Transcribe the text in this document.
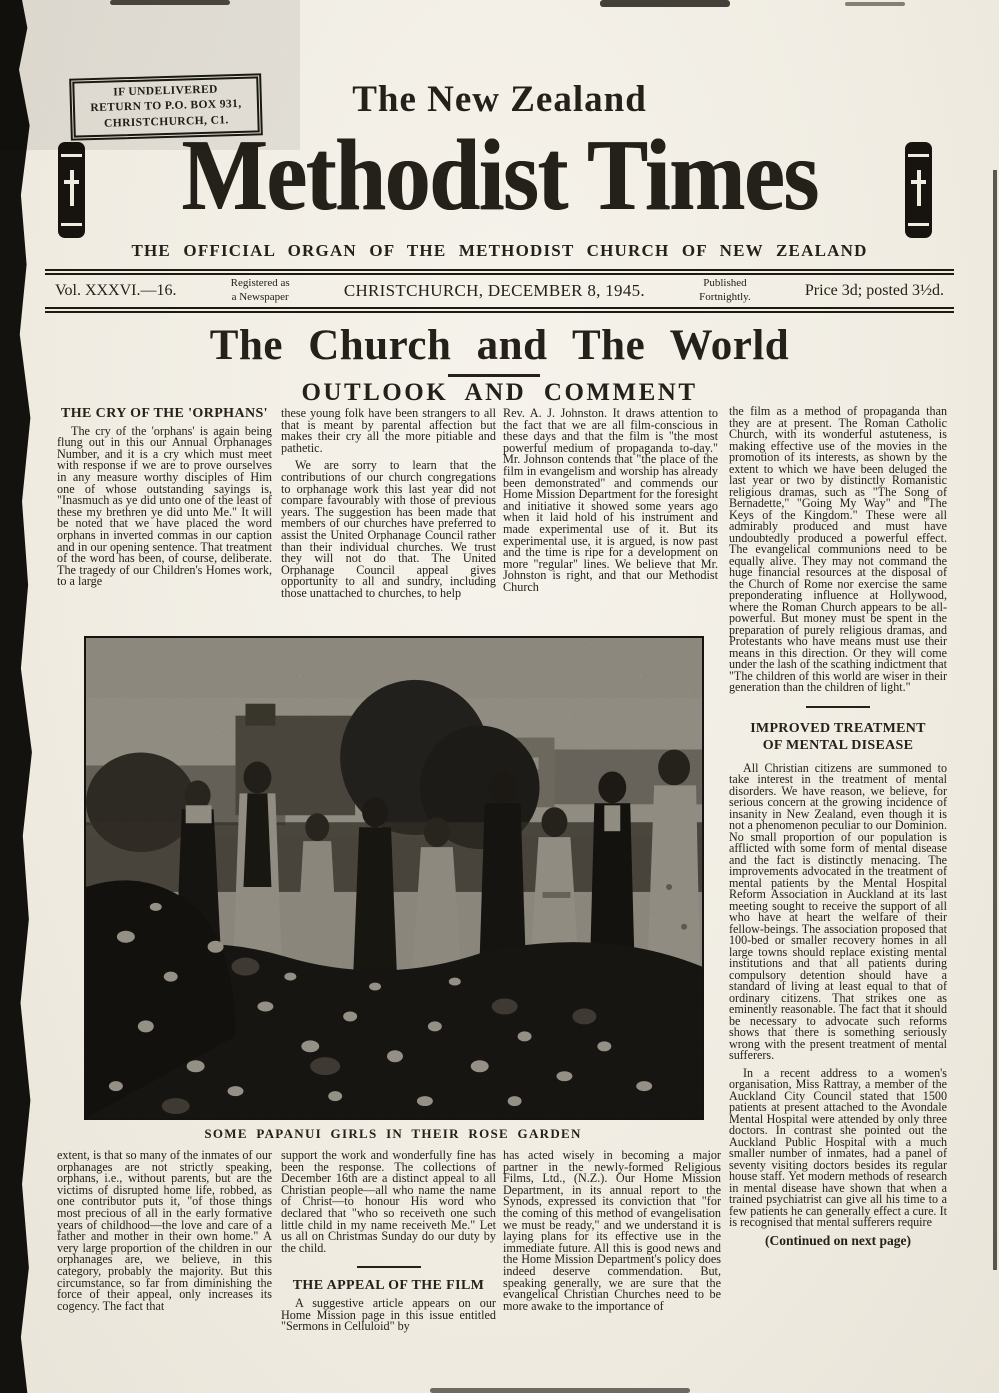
IF UNDELIVERED
RETURN TO P.O. BOX 931,
CHRISTCHURCH, C1.
The New Zealand
Methodist Times
THE OFFICIAL ORGAN OF THE METHODIST CHURCH OF NEW ZEALAND
Vol. XXXVI.—16.	Registered as
a Newspaper	CHRISTCHURCH, DECEMBER 8, 1945.	Published
Fortnightly.	Price 3d; posted 3½d.
The Church and The World
OUTLOOK AND COMMENT
THE CRY OF THE 'ORPHANS'

The cry of the 'orphans' is again being flung out in this our Annual Orphanages Number, and it is a cry which must meet with response if we are to prove ourselves in any measure worthy disciples of Him one of whose outstanding sayings is, "Inasmuch as ye did unto one of the least of these my brethren ye did unto Me." It will be noted that we have placed the word orphans in inverted commas in our caption and in our opening sentence. That treatment of the word has been, of course, deliberate. The tragedy of our Children's Homes work, to a large

these young folk have been strangers to all that is meant by parental affection but makes their cry all the more pitiable and pathetic.

We are sorry to learn that the contributions of our church congregations to orphanage work this last year did not compare favourably with those of previous years. The suggestion has been made that members of our churches have preferred to assist the United Orphanage Council rather than their individual churches. We trust they will not do that. The United Orphanage Council appeal gives opportunity to all and sundry, including those unattached to churches, to help

Rev. A. J. Johnston. It draws attention to the fact that we are all film-conscious in these days and that the film is "the most powerful medium of propaganda to-day." Mr. Johnson contends that "the place of the film in evangelism and worship has already been demonstrated" and commends our Home Mission Department for the foresight and initiative it showed some years ago when it laid hold of his instrument and made experimental use of it. But its experimental use, it is argued, is now past and the time is ripe for a development on more "regular" lines. We believe that Mr. Johnston is right, and that our Methodist Church

the film as a method of propaganda than they are at present. The Roman Catholic Church, with its wonderful astuteness, is making effective use of the movies in the promotion of its interests, as shown by the extent to which we have been deluged the last year or two by distinctly Romanistic religious dramas, such as "The Song of Bernadette," "Going My Way" and "The Keys of the Kingdom." These were all admirably produced and must have undoubtedly produced a powerful effect. The evangelical communions need to be equally alive. They may not command the huge financial resources at the disposal of the Church of Rome nor exercise the same preponderating influence at Hollywood, where the Roman Church appears to be all-powerful. But money must be spent in the preparation of purely religious dramas, and Protestants who have means must use their means in this direction. Or they will come under the lash of the scathing indictment that "The children of this world are wiser in their generation than the children of light."

IMPROVED TREATMENT OF MENTAL DISEASE

All Christian citizens are summoned to take interest in the treatment of mental disorders. We have reason, we believe, for serious concern at the growing incidence of insanity in New Zealand, even though it is not a phenomenon peculiar to our Dominion. No small proportion of our population is afflicted with some form of mental disease and the fact is distinctly menacing. The improvements advocated in the treatment of mental patients by the Mental Hospital Reform Association in Auckland at its last meeting sought to receive the support of all who have at heart the welfare of their fellow-beings. The association proposed that 100-bed or smaller recovery homes in all large towns should replace existing mental institutions and that all patients during compulsory detention should have a standard of living at least equal to that of ordinary citizens. That strikes one as eminently reasonable. The fact that it should be necessary to advocate such reforms shows that there is something seriously wrong with the present treatment of mental sufferers.

In a recent address to a women's organisation, Miss Rattray, a member of the Auckland City Council stated that 1500 patients at present attached to the Avondale Mental Hospital were attended by only three doctors. In contrast she pointed out the Auckland Public Hospital with a much smaller number of inmates, had a panel of seventy visiting doctors besides its regular house staff. Yet modern methods of research in mental disease have shown that when a trained psychiatrist can give all his time to a few patients he can generally effect a cure. It is recognised that mental sufferers require

(Continued on next page)
SOME PAPANUI GIRLS IN THEIR ROSE GARDEN

extent, is that so many of the inmates of our orphanages are not strictly speaking, orphans, i.e., without parents, but are the victims of disrupted home life, robbed, as one contributor puts it, "of those things most precious of all in the early formative years of childhood—the love and care of a father and mother in their own home." A very large proportion of the children in our orphanages are, we believe, in this category, probably the majority. But this circumstance, so far from diminishing the force of their appeal, only increases its cogency. The fact that

support the work and wonderfully fine has been the response. The collections of December 16th are a distinct appeal to all Christian people—all who name the name of Christ—to honour His word who declared that "who so receiveth one such little child in my name receiveth Me." Let us all on Christmas Sunday do our duty by the child.

THE APPEAL OF THE FILM

A suggestive article appears on our Home Mission page in this issue entitled "Sermons in Celluloid" by

has acted wisely in becoming a major partner in the newly-formed Religious Films, Ltd., (N.Z.). Our Home Mission Department, in its annual report to the Synods, expressed its conviction that "for the coming of this method of evangelisation we must be ready," and we understand it is laying plans for its effective use in the immediate future. All this is good news and the Home Mission Department's policy does indeed deserve commendation. But, speaking generally, we are sure that the evangelical Christian Churches need to be more awake to the importance of
